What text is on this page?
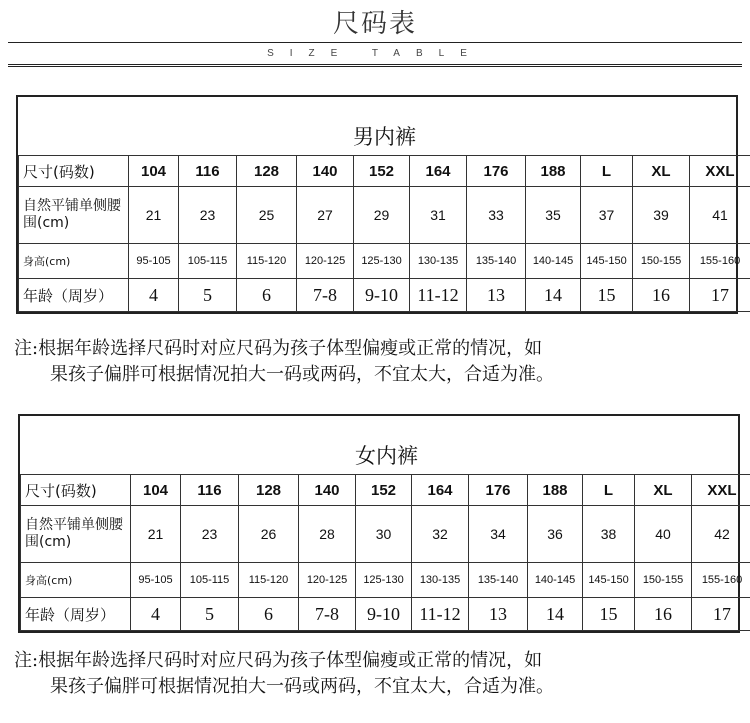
尺码表
SIZE TABLE
男内裤											
尺寸(码数)	104	116	128	140	152	164	176	188	L	XL	XXL
自然平铺单侧腰围(cm)	21	23	25	27	29	31	33	35	37	39	41
身高(cm)	95-105	105-115	115-120	120-125	125-130	130-135	135-140	140-145	145-150	150-155	155-160
年龄（周岁）	4	5	6	7-8	9-10	11-12	13	14	15	16	17
注:根据年龄选择尺码时对应尺码为孩子体型偏瘦或正常的情况，如
果孩子偏胖可根据情况拍大一码或两码，不宜太大，合适为准。
女内裤											
尺寸(码数)	104	116	128	140	152	164	176	188	L	XL	XXL
自然平铺单侧腰围(cm)	21	23	26	28	30	32	34	36	38	40	42
身高(cm)	95-105	105-115	115-120	120-125	125-130	130-135	135-140	140-145	145-150	150-155	155-160
年龄（周岁）	4	5	6	7-8	9-10	11-12	13	14	15	16	17
注:根据年龄选择尺码时对应尺码为孩子体型偏瘦或正常的情况，如
果孩子偏胖可根据情况拍大一码或两码，不宜太大，合适为准。
